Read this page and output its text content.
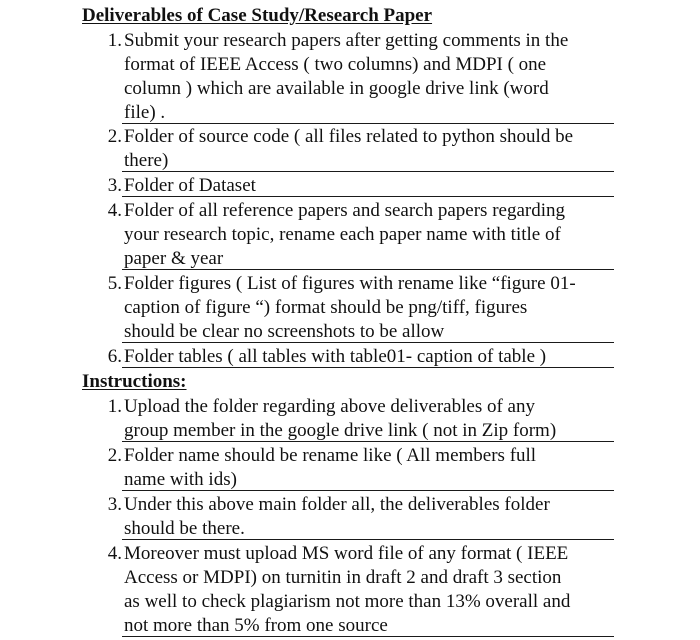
Deliverables of Case Study/Research Paper
1. Submit your research papers after getting comments in the
format of IEEE Access ( two columns) and MDPI ( one
column ) which are available in google drive link (word
file) .
2. Folder of source code ( all files related to python should be
there)
3. Folder of Dataset
4. Folder of all reference papers and search papers regarding
your research topic, rename each paper name with title of
paper & year
5. Folder figures ( List of figures with rename like “figure 01-
caption of figure “) format should be png/tiff, figures
should be clear no screenshots to be allow
6. Folder tables ( all tables with table01- caption of table )
Instructions:
1. Upload the folder regarding above deliverables of any
group member in the google drive link ( not in Zip form)
2. Folder name should be rename like ( All members full
name with ids)
3. Under this above main folder all, the deliverables folder
should be there.
4. Moreover must upload MS word file of any format ( IEEE
Access or MDPI) on turnitin in draft 2 and draft 3 section
as well to check plagiarism not more than 13% overall and
not more than 5% from one source
